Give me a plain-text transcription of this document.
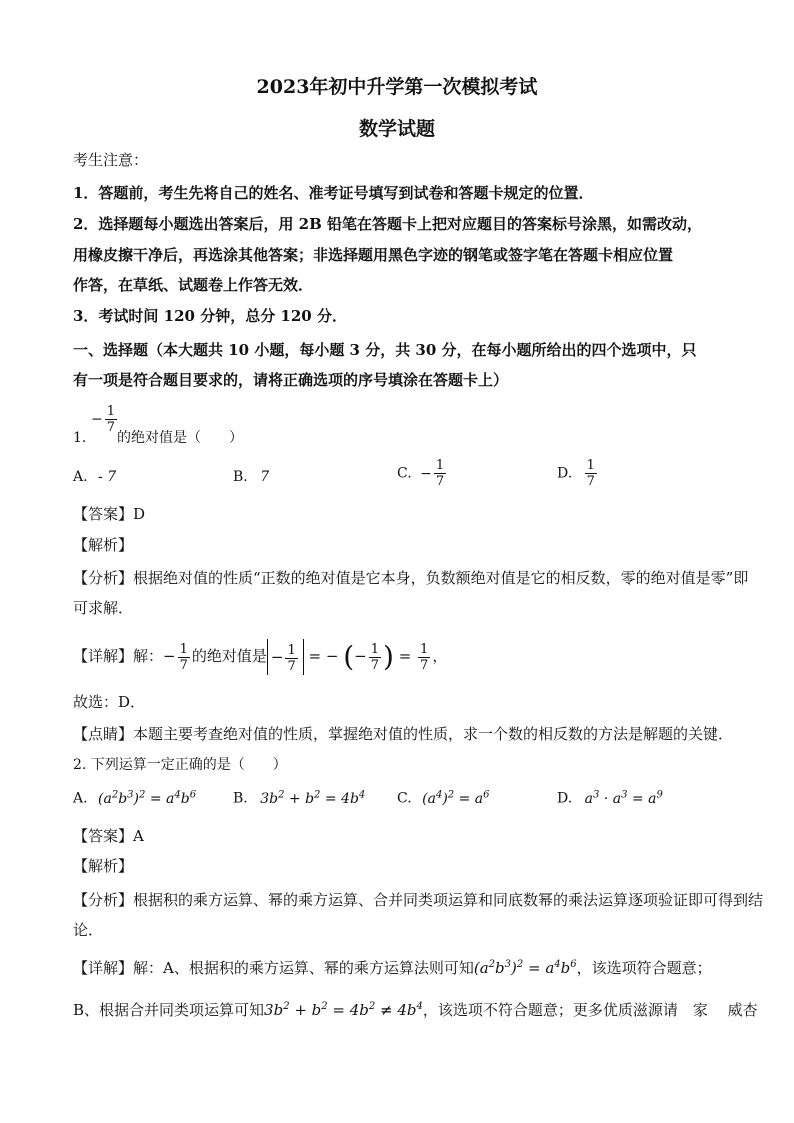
2023年初中升学第一次模拟考试
数学试题
考生注意：
1．答题前，考生先将自己的姓名、准考证号填写到试卷和答题卡规定的位置．
2．选择题每小题选出答案后，用 2B 铅笔在答题卡上把对应题目的答案标号涂黑，如需改动，
用橡皮擦干净后，再选涂其他答案；非选择题用黑色字迹的钢笔或签字笔在答题卡相应位置
作答，在草纸、试题卷上作答无效．
3．考试时间 120 分钟，总分 120 分．
一、选择题（本大题共 10 小题，每小题 3 分，共 30 分，在每小题所给出的四个选项中，只
有一项是符合题目要求的，请将正确选项的序号填涂在答题卡上）
1.
− $\frac{1}{7}$
的绝对值是（　　）
A. - 7	B. 7	C. − $\frac{1}{7}$	D. $\frac{1}{7}$
【答案】D
【解析】
【分析】根据绝对值的性质“正数的绝对值是它本身，负数额绝对值是它的相反数，零的绝对值是零”即
可求解．
【详解】解：− $\frac{1}{7}$ 的绝对值是 − $\frac{1}{7}$ = − (− $\frac{1}{7}$ ) = $\frac{1}{7}$ ，
故选：D．
【点睛】本题主要考查绝对值的性质，掌握绝对值的性质，求一个数的相反数的方法是解题的关键．
2. 下列运算一定正确的是（　　）
A. $(a^2b^3)^2 = a^4b^6$	B. $3b^2 + b^2 = 4b^4$ C. $(a^4)^2 = a^6$	D. $a^3 \cdot a^3 = a^9$
【答案】A
【解析】
【分析】根据积的乘方运算、幂的乘方运算、合并同类项运算和同底数幂的乘法运算逐项验证即可得到结
论．
【详解】解：A、根据积的乘方运算、幂的乘方运算法则可知$(a^2b^3)^2 = a^4b^6$，该选项符合题意；
B、根据合并同类项运算可知$3b^2 + b^2 = 4b^2 \ne 4b^4$，该选项不符合题意；更多优质滋源请　家　 威杏
